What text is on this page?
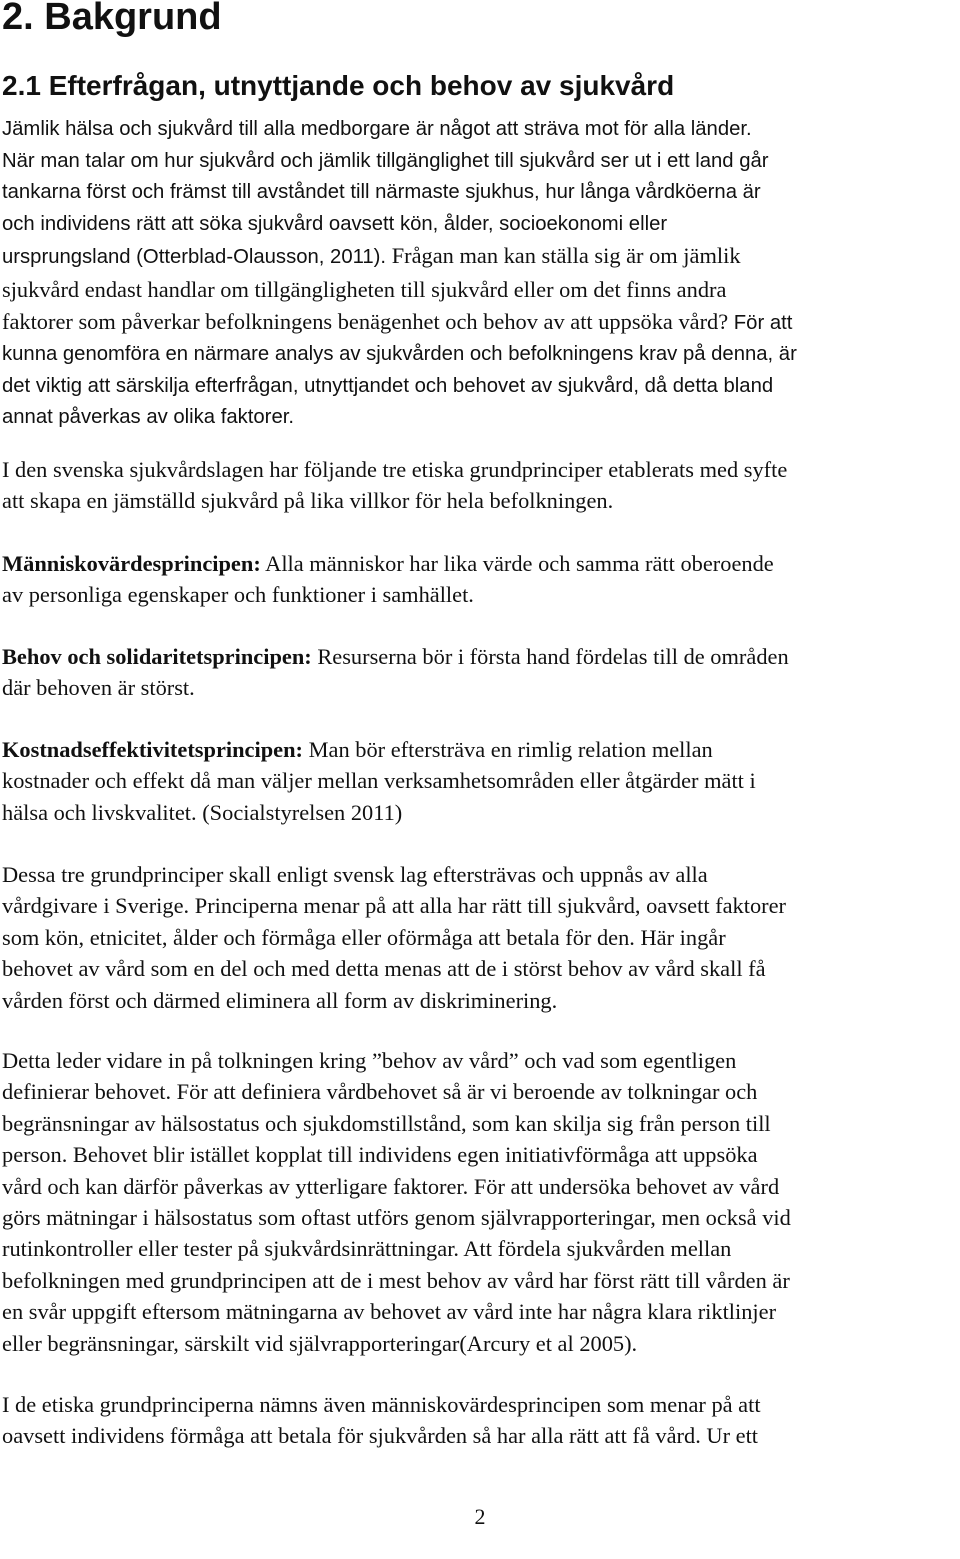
2. Bakgrund
2.1 Efterfrågan, utnyttjande och behov av sjukvård
Jämlik hälsa och sjukvård till alla medborgare är något att sträva mot för alla länder.
När man talar om hur sjukvård och jämlik tillgänglighet till sjukvård ser ut i ett land går
tankarna först och främst till avståndet till närmaste sjukhus, hur långa vårdköerna är
och individens rätt att söka sjukvård oavsett kön, ålder, socioekonomi eller
ursprungsland (Otterblad-Olausson, 2011). Frågan man kan ställa sig är om jämlik
sjukvård endast handlar om tillgängligheten till sjukvård eller om det finns andra
faktorer som påverkar befolkningens benägenhet och behov av att uppsöka vård? För att
kunna genomföra en närmare analys av sjukvården och befolkningens krav på denna, är
det viktig att särskilja efterfrågan, utnyttjandet och behovet av sjukvård, då detta bland
annat påverkas av olika faktorer.
I den svenska sjukvårdslagen har följande tre etiska grundprinciper etablerats med syfte
att skapa en jämställd sjukvård på lika villkor för hela befolkningen.
Människovärdesprincipen: Alla människor har lika värde och samma rätt oberoende
av personliga egenskaper och funktioner i samhället.
Behov och solidaritetsprincipen: Resurserna bör i första hand fördelas till de områden
där behoven är störst.
Kostnadseffektivitetsprincipen: Man bör eftersträva en rimlig relation mellan
kostnader och effekt då man väljer mellan verksamhetsområden eller åtgärder mätt i
hälsa och livskvalitet. (Socialstyrelsen 2011)
Dessa tre grundprinciper skall enligt svensk lag eftersträvas och uppnås av alla
vårdgivare i Sverige. Principerna menar på att alla har rätt till sjukvård, oavsett faktorer
som kön, etnicitet, ålder och förmåga eller oförmåga att betala för den. Här ingår
behovet av vård som en del och med detta menas att de i störst behov av vård skall få
vården först och därmed eliminera all form av diskriminering.
Detta leder vidare in på tolkningen kring ”behov av vård” och vad som egentligen
definierar behovet. För att definiera vårdbehovet så är vi beroende av tolkningar och
begränsningar av hälsostatus och sjukdomstillstånd, som kan skilja sig från person till
person. Behovet blir istället kopplat till individens egen initiativförmåga att uppsöka
vård och kan därför påverkas av ytterligare faktorer. För att undersöka behovet av vård
görs mätningar i hälsostatus som oftast utförs genom självrapporteringar, men också vid
rutinkontroller eller tester på sjukvårdsinrättningar. Att fördela sjukvården mellan
befolkningen med grundprincipen att de i mest behov av vård har först rätt till vården är
en svår uppgift eftersom mätningarna av behovet av vård inte har några klara riktlinjer
eller begränsningar, särskilt vid självrapporteringar(Arcury et al 2005).
I de etiska grundprinciperna nämns även människovärdesprincipen som menar på att
oavsett individens förmåga att betala för sjukvården så har alla rätt att få vård. Ur ett

2
